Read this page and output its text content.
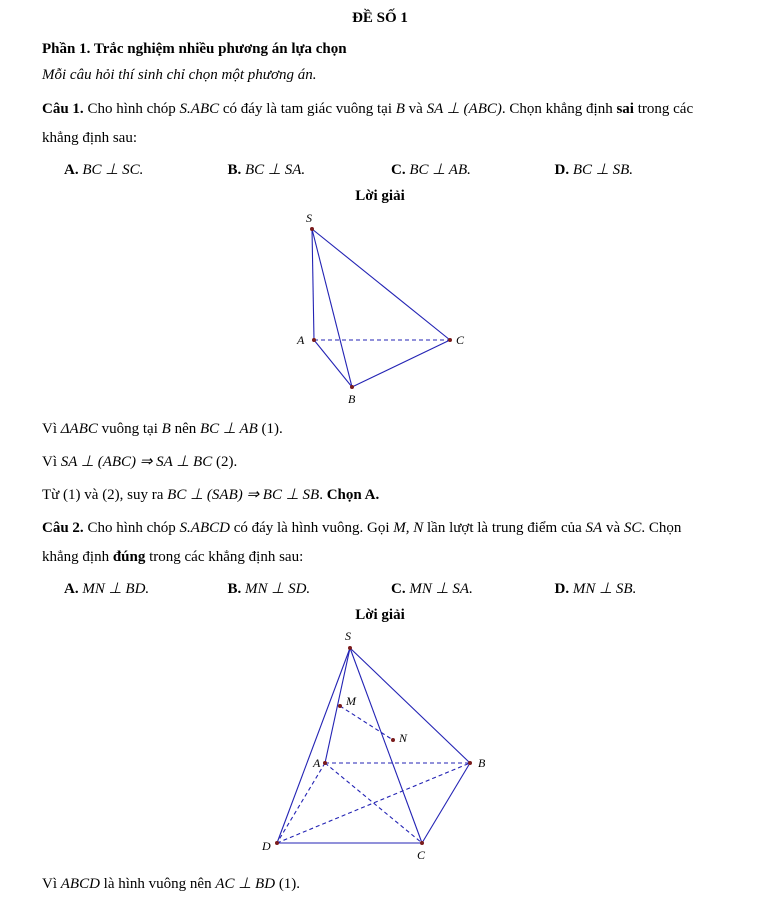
ĐỀ SỐ 1
Phần 1. Trắc nghiệm nhiều phương án lựa chọn
Mỗi câu hỏi thí sinh chỉ chọn một phương án.

Câu 1. Cho hình chóp S.ABC có đáy là tam giác vuông tại B và SA ⊥ (ABC). Chọn khẳng định sai trong các khẳng định sau:

A. BC ⊥ SC.	B. BC ⊥ SA.	C. BC ⊥ AB.	D. BC ⊥ SB.
Lời giải
S
A	C
B

Vì ΔABC vuông tại B nên BC ⊥ AB (1).

Vì SA ⊥ (ABC) ⇒ SA ⊥ BC (2).

Từ (1) và (2), suy ra BC ⊥ (SAB) ⇒ BC ⊥ SB. Chọn A.

Câu 2. Cho hình chóp S.ABCD có đáy là hình vuông. Gọi M, N lần lượt là trung điểm của SA và SC. Chọn khẳng định đúng trong các khẳng định sau:

A. MN ⊥ BD.	B. MN ⊥ SD.	C. MN ⊥ SA.	D. MN ⊥ SB.
Lời giải
S
M
N
A	B
D
C

Vì ABCD là hình vuông nên AC ⊥ BD (1).
